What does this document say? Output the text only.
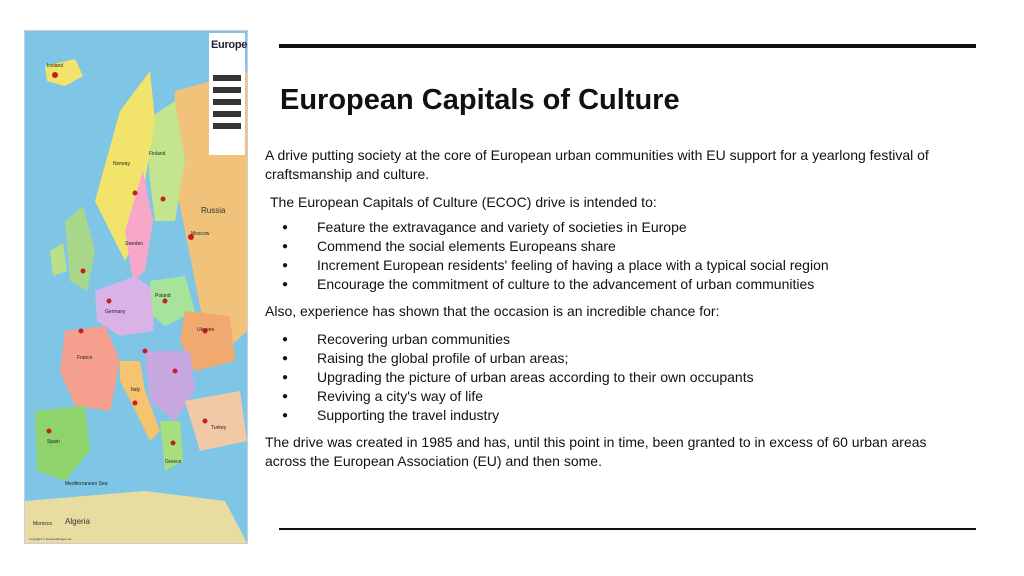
Europe
Iceland
Norway
Finland
Sweden
Russia
Moscow
Poland
Germany
Ukraine
France
Spain
Italy
Turkey
Greece
Mediterranean Sea
Algeria
Morocco
Copyright © Freeworldmaps.net
European Capitals of Culture

A drive putting society at the core of European urban communities with EU support for a yearlong festival of craftsmanship and culture.

The European Capitals of Culture (ECOC) drive is intended to:

● Feature the extravagance and variety of societies in Europe
● Commend the social elements Europeans share
● Increment European residents' feeling of having a place with a typical social region
● Encourage the commitment of culture to the advancement of urban communities

Also, experience has shown that the occasion is an incredible chance for:

● Recovering urban communities
● Raising the global profile of urban areas;
● Upgrading the picture of urban areas according to their own occupants
● Reviving a city's way of life
● Supporting the travel industry

The drive was created in 1985 and has, until this point in time, been granted to in excess of 60 urban areas across the European Association (EU) and then some.
